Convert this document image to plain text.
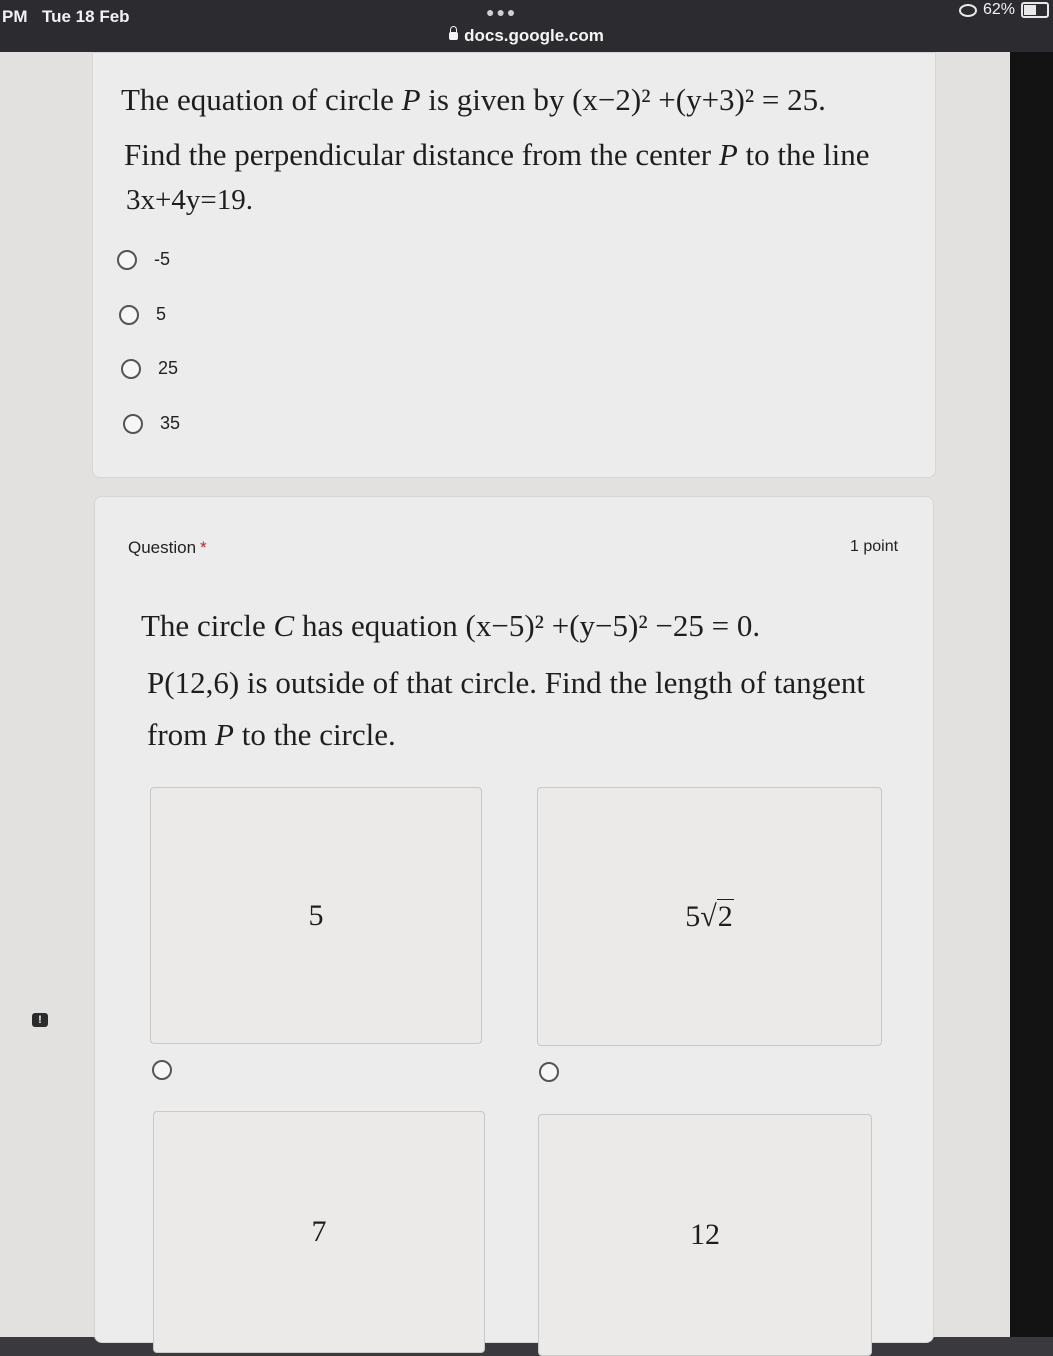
PM Tue 18 Feb	●●●	62%
docs.google.com
The equation of circle P is given by (x−2)² +(y+3)² = 25.
Find the perpendicular distance from the center P to the line
3x+4y=19.
-5
5
25
35
Question *	1 point
The circle C has equation (x−5)² +(y−5)² −25 = 0.
P(12,6) is outside of that circle. Find the length of tangent
from P to the circle.
5	5√2
7	12
!
